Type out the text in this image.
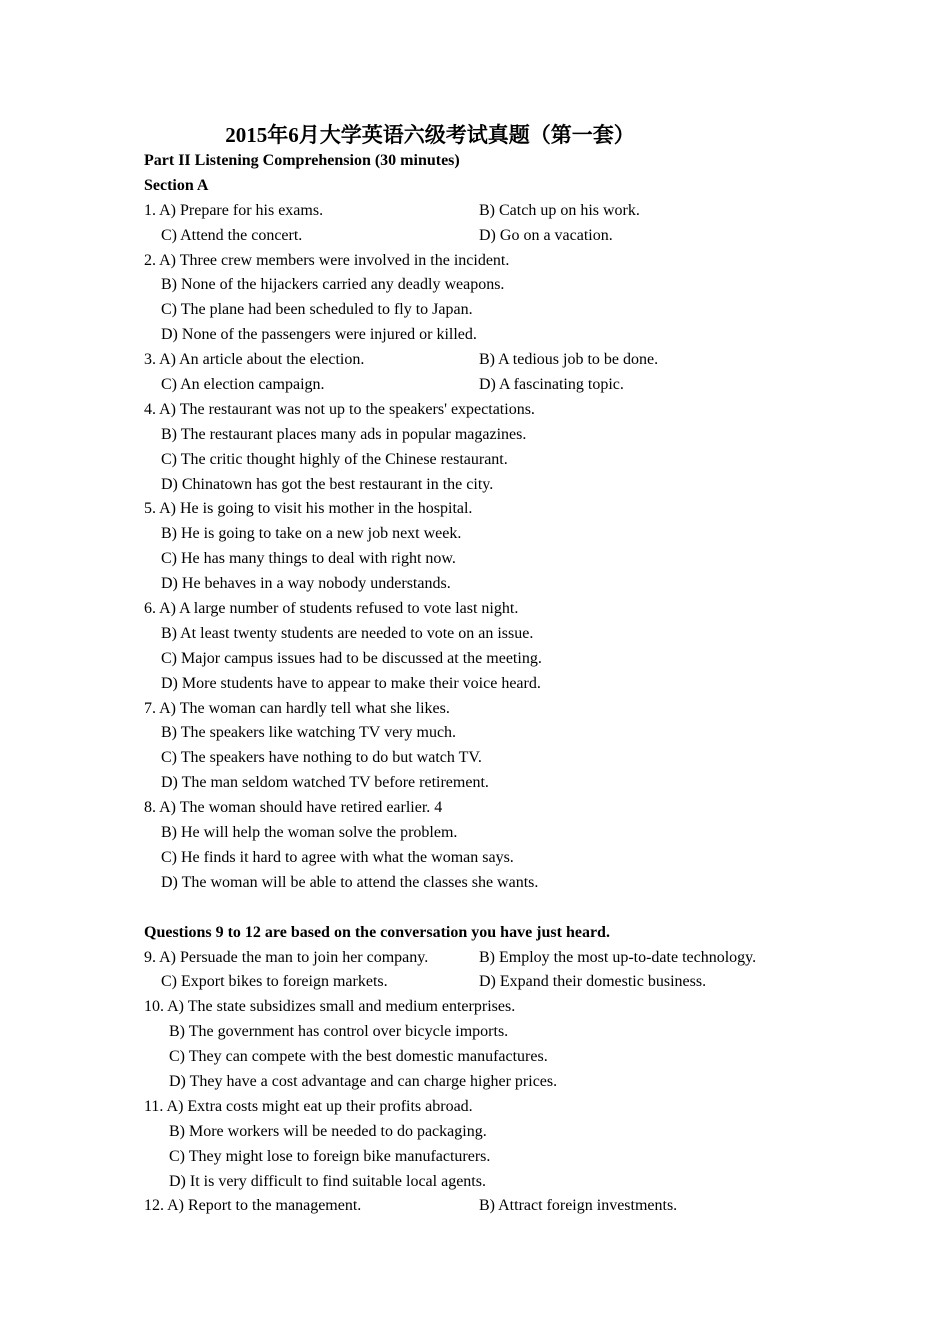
2015年6月大学英语六级考试真题（第一套）
Part II Listening Comprehension (30 minutes)
Section A
1. A) Prepare for his exams.	B) Catch up on his work.
C) Attend the concert.	D) Go on a vacation.
2. A) Three crew members were involved in the incident.
B) None of the hijackers carried any deadly weapons.
C) The plane had been scheduled to fly to Japan.
D) None of the passengers were injured or killed.
3. A) An article about the election.	B) A tedious job to be done.
C) An election campaign.	D) A fascinating topic.
4. A) The restaurant was not up to the speakers' expectations.
B) The restaurant places many ads in popular magazines.
C) The critic thought highly of the Chinese restaurant.
D) Chinatown has got the best restaurant in the city.
5. A) He is going to visit his mother in the hospital.
B) He is going to take on a new job next week.
C) He has many things to deal with right now.
D) He behaves in a way nobody understands.
6. A) A large number of students refused to vote last night.
B) At least twenty students are needed to vote on an issue.
C) Major campus issues had to be discussed at the meeting.
D) More students have to appear to make their voice heard.
7. A) The woman can hardly tell what she likes.
B) The speakers like watching TV very much.
C) The speakers have nothing to do but watch TV.
D) The man seldom watched TV before retirement.
8. A) The woman should have retired earlier. 4
B) He will help the woman solve the problem.
C) He finds it hard to agree with what the woman says.
D) The woman will be able to attend the classes she wants.
Questions 9 to 12 are based on the conversation you have just heard.
9. A) Persuade the man to join her company.	B) Employ the most up-to-date technology.
C) Export bikes to foreign markets.	D) Expand their domestic business.
10. A) The state subsidizes small and medium enterprises.
B) The government has control over bicycle imports.
C) They can compete with the best domestic manufactures.
D) They have a cost advantage and can charge higher prices.
11. A) Extra costs might eat up their profits abroad.
B) More workers will be needed to do packaging.
C) They might lose to foreign bike manufacturers.
D) It is very difficult to find suitable local agents.
12. A) Report to the management.	B) Attract foreign investments.
